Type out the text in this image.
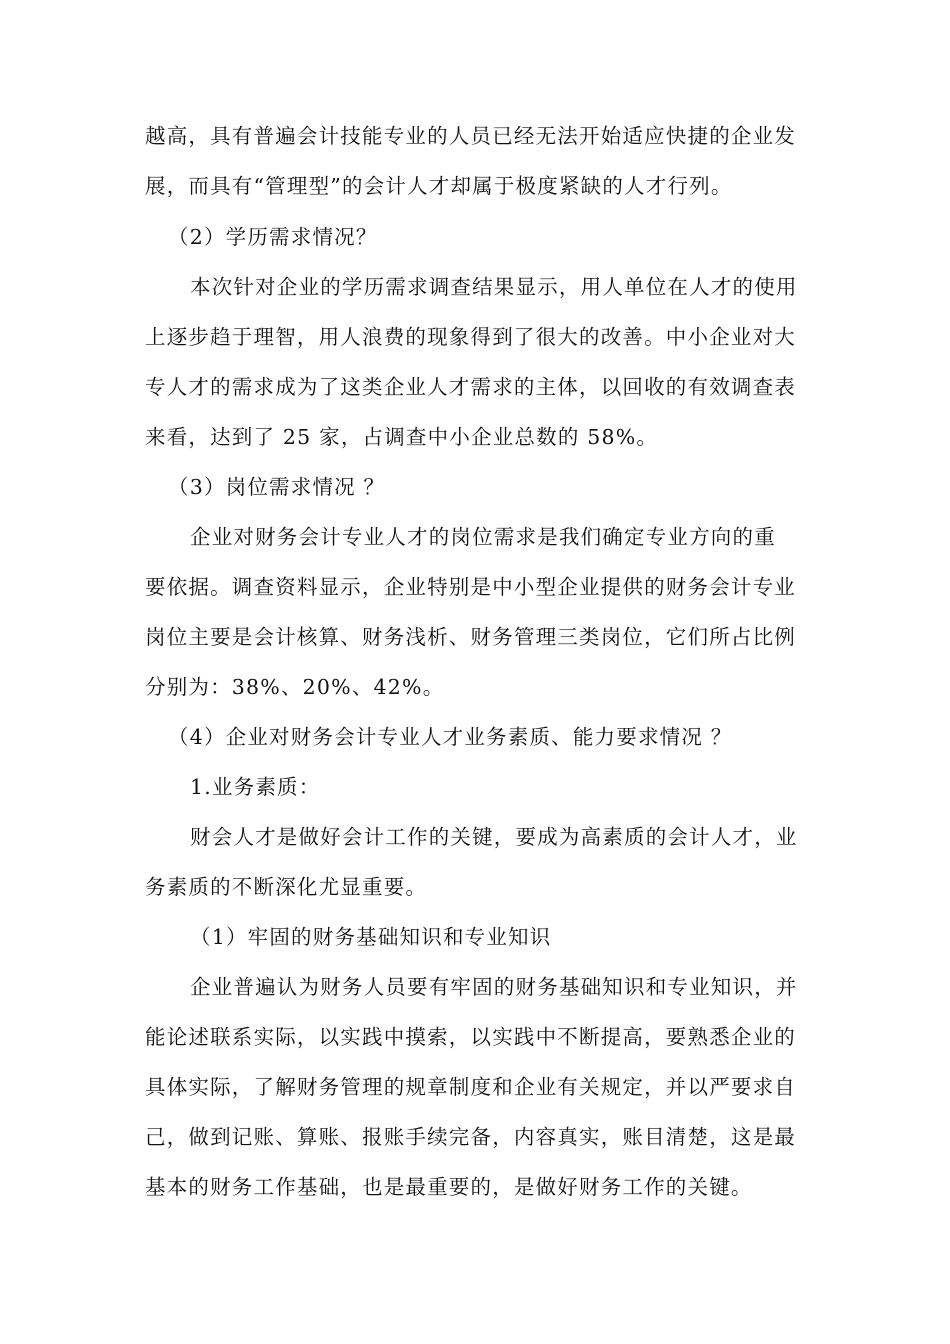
越高，具有普遍会计技能专业的人员已经无法开始适应快捷的企业发
展，而具有“管理型”的会计人才却属于极度紧缺的人才行列。
（2）学历需求情况？
本次针对企业的学历需求调查结果显示，用人单位在人才的使用
上逐步趋于理智，用人浪费的现象得到了很大的改善。中小企业对大
专人才的需求成为了这类企业人才需求的主体，以回收的有效调查表
来看，达到了 25 家，占调查中小企业总数的 58%。
（3）岗位需求情况 ？
企业对财务会计专业人才的岗位需求是我们确定专业方向的重
要依据。调查资料显示，企业特别是中小型企业提供的财务会计专业
岗位主要是会计核算、财务浅析、财务管理三类岗位，它们所占比例
分别为：38%、20%、42%。
（4）企业对财务会计专业人才业务素质、能力要求情况 ？
1.业务素质：
财会人才是做好会计工作的关键，要成为高素质的会计人才，业
务素质的不断深化尤显重要。
（1）牢固的财务基础知识和专业知识
企业普遍认为财务人员要有牢固的财务基础知识和专业知识，并
能论述联系实际，以实践中摸索，以实践中不断提高，要熟悉企业的
具体实际，了解财务管理的规章制度和企业有关规定，并以严要求自
己，做到记账、算账、报账手续完备，内容真实，账目清楚，这是最
基本的财务工作基础，也是最重要的，是做好财务工作的关键。
